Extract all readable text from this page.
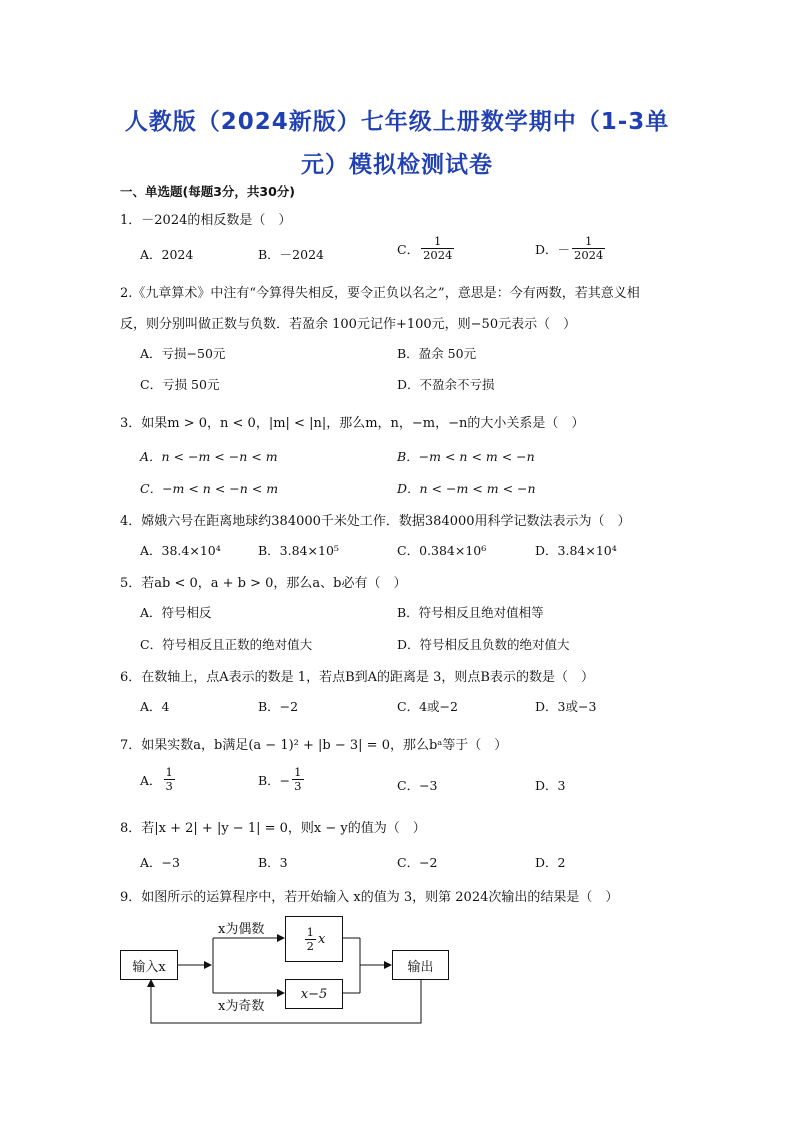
人教版（2024新版）七年级上册数学期中（1-3单
元）模拟检测试卷
一、单选题(每题3分，共30分)
1．－2024的相反数是（　）
A．2024	B．－2024	C． $\frac{1}{2024}$	D．－ $\frac{1}{2024}$
2.《九章算术》中注有“今算得失相反，要令正负以名之”，意思是：今有两数，若其意义相
反，则分别叫做正数与负数．若盈余 100元记作+100元，则−50元表示（　）
A．亏损−50元	B．盈余 50元
C．亏损 50元	D．不盈余不亏损
3．如果m > 0，n < 0，|m| < |n|，那么m，n，−m，−n的大小关系是（　）
A．n < −m < −n < m	B．−m < n < m < −n
C．−m < n < −n < m	D．n < −m < m < −n
4．嫦娥六号在距离地球约384000千米处工作．数据384000用科学记数法表示为（　）
A．38.4×10⁴	B．3.84×10⁵	C．0.384×10⁶	D．3.84×10⁴
5．若ab < 0，a + b > 0，那么a、b必有（　）
A．符号相反	B．符号相反且绝对值相等
C．符号相反且正数的绝对值大	D．符号相反且负数的绝对值大
6．在数轴上，点A表示的数是 1，若点B到A的距离是 3，则点B表示的数是（　）
A．4	B．−2	C．4或−2	D．3或−3
7．如果实数a，b满足(a − 1)² + |b − 3| = 0，那么bᵃ等于（　）
A． $\frac{1}{3}$	B．− $\frac{1}{3}$	C．−3	D．3
8．若|x + 2| + |y − 1| = 0，则x − y的值为（　）
A．−3	B．3	C．−2	D．2
9．如图所示的运算程序中，若开始输入 x的值为 3，则第 2024次输出的结果是（　）
输入x
x为偶数
x为奇数
$\frac{1}{2}$ x
x−5
输出
